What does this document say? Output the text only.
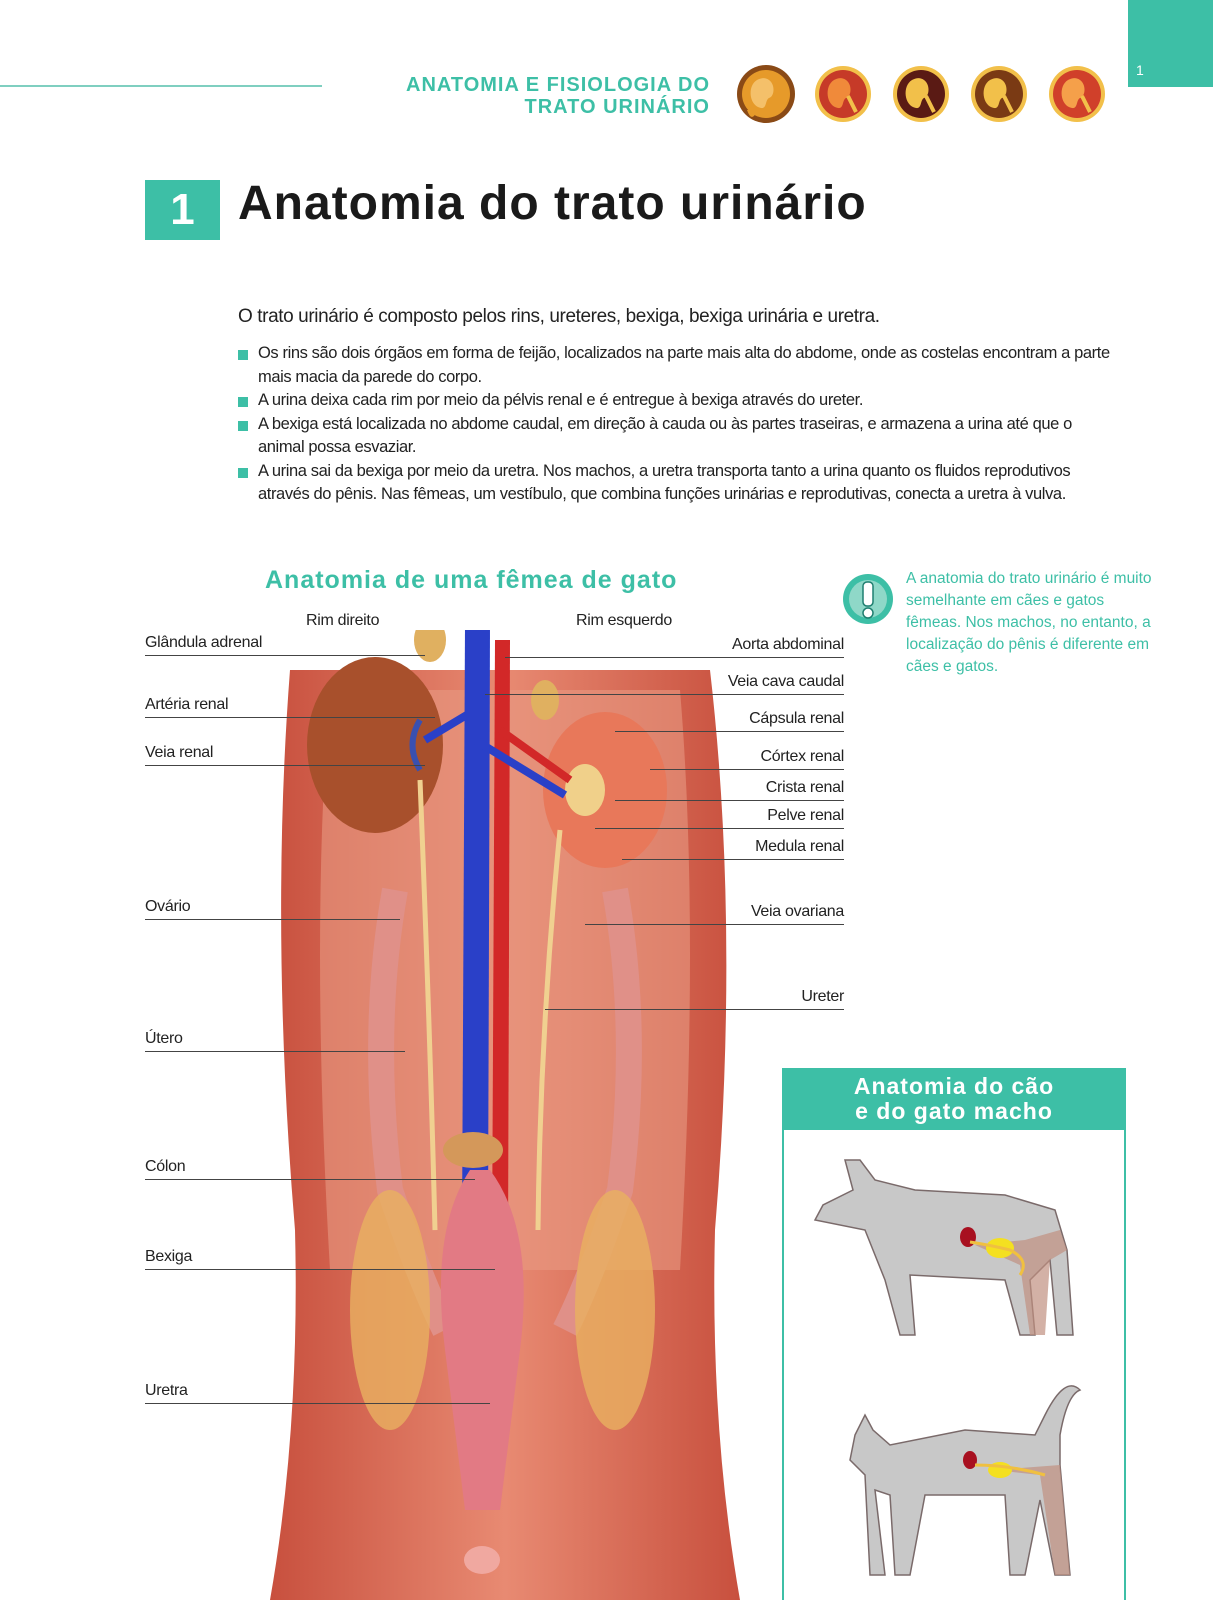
ANATOMIA E FISIOLOGIA DO
TRATO URINÁRIO
1
1 Anatomia do trato urinário
O trato urinário é composto pelos rins, ureteres, bexiga, bexiga urinária e uretra.
Os rins são dois órgãos em forma de feijão, localizados na parte mais alta do abdome, onde as costelas encontram a parte mais macia da parede do corpo.
A urina deixa cada rim por meio da pélvis renal e é entregue à bexiga através do ureter.
A bexiga está localizada no abdome caudal, em direção à cauda ou às partes traseiras, e armazena a urina até que o animal possa esvaziar.
A urina sai da bexiga por meio da uretra. Nos machos, a uretra transporta tanto a urina quanto os fluidos reprodutivos através do pênis. Nas fêmeas, um vestíbulo, que combina funções urinárias e reprodutivas, conecta a uretra à vulva.
Anatomia de uma fêmea de gato
Rim direito	Rim esquerdo
Glândula adrenal
Artéria renal
Veia renal
Ovário
Útero
Cólon
Bexiga
Uretra
Aorta abdominal
Veia cava caudal
Cápsula renal
Córtex renal
Crista renal
Pelve renal
Medula renal
Veia ovariana
Ureter
A anatomia do trato urinário é muito semelhante em cães e gatos fêmeas. Nos machos, no entanto, a localização do pênis é diferente em cães e gatos.
Anatomia do cão
e do gato macho
